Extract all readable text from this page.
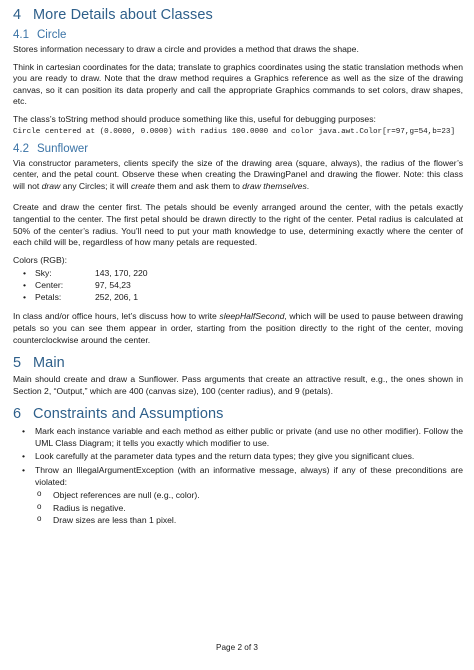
4 More Details about Classes
4.1 Circle

Stores information necessary to draw a circle and provides a method that draws the shape.

Think in cartesian coordinates for the data; translate to graphics coordinates using the static translation methods when you are ready to draw. Note that the draw method requires a Graphics reference as well as the size of the drawing canvas, so it can position its data properly and call the appropriate Graphics commands to set colors, draw shapes, etc.

The class’s toString method should produce something like this, useful for debugging purposes:

Circle centered at (0.0000, 0.0000) with radius 100.0000 and color java.awt.Color[r=97,g=54,b=23]
4.2 Sunflower

Via constructor parameters, clients specify the size of the drawing area (square, always), the radius of the flower’s center, and the petal count. Observe these when creating the DrawingPanel and drawing the flower. Note: this class will not draw any Circles; it will create them and ask them to draw themselves.

Create and draw the center first. The petals should be evenly arranged around the center, with the petals exactly tangential to the center. The first petal should be drawn directly to the right of the center. Petal radius is calculated at 50% of the center’s radius. You’ll need to put your math knowledge to use, determining exactly where the center of each child will be, regardless of how many petals are requested.

Colors (RGB):
• Sky:	143, 170, 220
• Center:	97, 54,23
• Petals:	252, 206, 1

In class and/or office hours, let’s discuss how to write sleepHalfSecond, which will be used to pause between drawing petals so you can see them appear in order, starting from the position directly to the right of the center, moving counterclockwise around the center.

5 Main

Main should create and draw a Sunflower. Pass arguments that create an attractive result, e.g., the ones shown in Section 2, “Output,” which are 400 (canvas size), 100 (center radius), and 9 (petals).

6 Constraints and Assumptions
• Mark each instance variable and each method as either public or private (and use no other modifier). Follow the UML Class Diagram; it tells you exactly which modifier to use.
• Look carefully at the parameter data types and the return data types; they give you significant clues.
• Throw an IllegalArgumentException (with an informative message, always) if any of these preconditions are violated:
o Object references are null (e.g., color).
o Radius is negative.
o Draw sizes are less than 1 pixel.
Page 2 of 3
